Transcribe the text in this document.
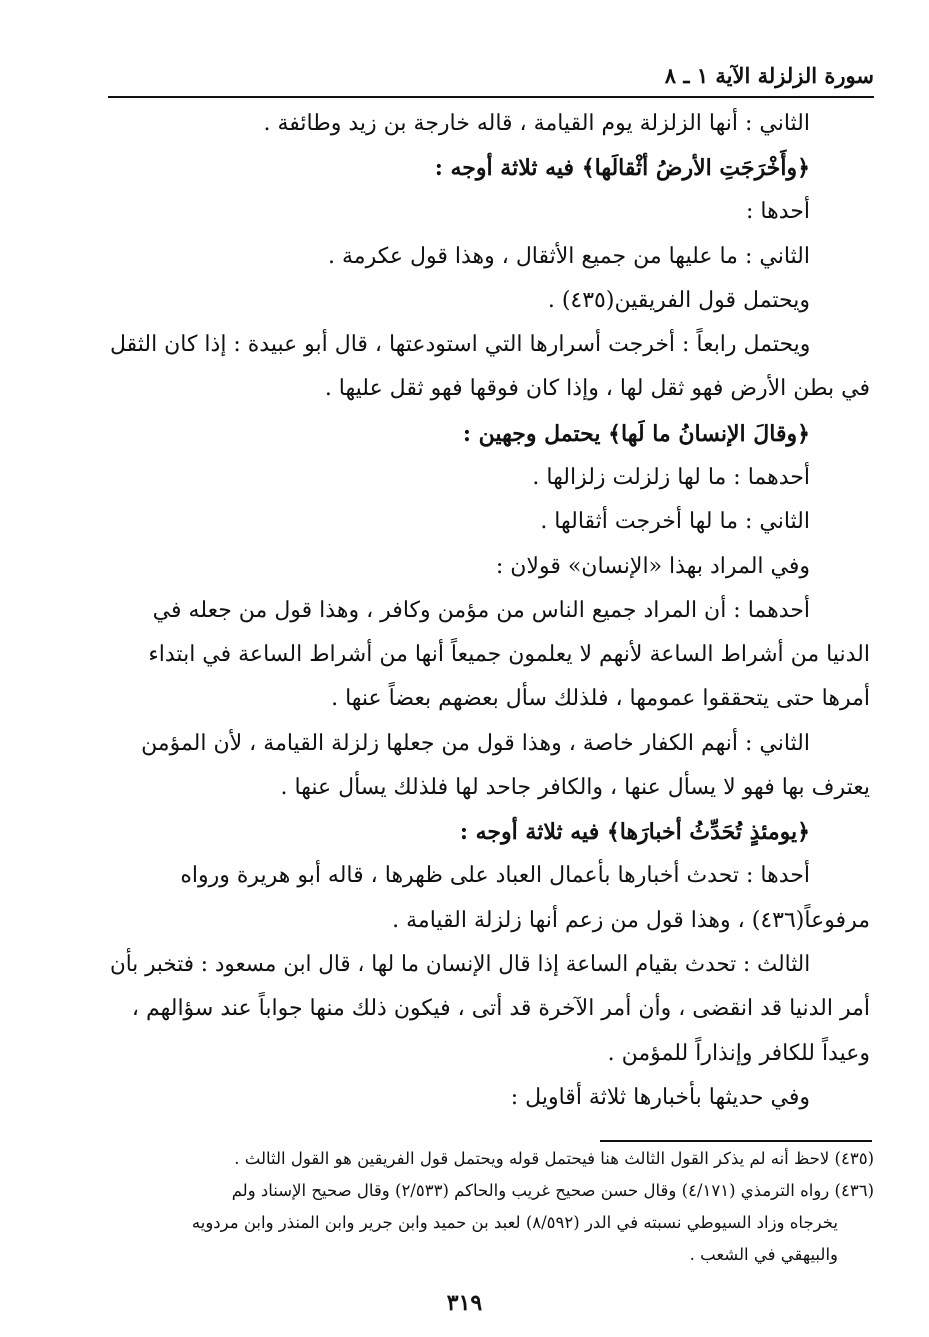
سورة الزلزلة الآية ١ ـ ٨
الثاني : أنها الزلزلة يوم القيامة ، قاله خارجة بن زيد وطائفة .
﴿وأَخْرَجَتِ الأرضُ أثْقالَها﴾ فيه ثلاثة أوجه :
أحدها :
الثاني : ما عليها من جميع الأثقال ، وهذا قول عكرمة .
ويحتمل قول الفريقين(٤٣٥) .
ويحتمل رابعاً : أخرجت أسرارها التي استودعتها ، قال أبو عبيدة : إذا كان الثقل
في بطن الأرض فهو ثقل لها ، وإذا كان فوقها فهو ثقل عليها .
﴿وقالَ الإنسانُ ما لَها﴾ يحتمل وجهين :
أحدهما : ما لها زلزلت زلزالها .
الثاني : ما لها أخرجت أثقالها .
وفي المراد بهذا «الإنسان» قولان :
أحدهما : أن المراد جميع الناس من مؤمن وكافر ، وهذا قول من جعله في
الدنيا من أشراط الساعة لأنهم لا يعلمون جميعاً أنها من أشراط الساعة في ابتداء
أمرها حتى يتحققوا عمومها ، فلذلك سأل بعضهم بعضاً عنها .
الثاني : أنهم الكفار خاصة ، وهذا قول من جعلها زلزلة القيامة ، لأن المؤمن
يعترف بها فهو لا يسأل عنها ، والكافر جاحد لها فلذلك يسأل عنها .
﴿يومئذٍ تُحَدِّثُ أخبارَها﴾ فيه ثلاثة أوجه :
أحدها : تحدث أخبارها بأعمال العباد على ظهرها ، قاله أبو هريرة ورواه
مرفوعاً(٤٣٦) ، وهذا قول من زعم أنها زلزلة القيامة .
الثالث : تحدث بقيام الساعة إذا قال الإنسان ما لها ، قال ابن مسعود : فتخبر بأن
أمر الدنيا قد انقضى ، وأن أمر الآخرة قد أتى ، فيكون ذلك منها جواباً عند سؤالهم ،
وعيداً للكافر وإنذاراً للمؤمن .
وفي حديثها بأخبارها ثلاثة أقاويل :
(٤٣٥) لاحظ أنه لم يذكر القول الثالث هنا فيحتمل قوله ويحتمل قول الفريقين هو القول الثالث .
(٤٣٦) رواه الترمذي (٤/١٧١) وقال حسن صحيح غريب والحاكم (٢/٥٣٣) وقال صحيح الإسناد ولم
يخرجاه وزاد السيوطي نسبته في الدر (٨/٥٩٢) لعبد بن حميد وابن جرير وابن المنذر وابن مردويه
والبيهقي في الشعب .
٣١٩
